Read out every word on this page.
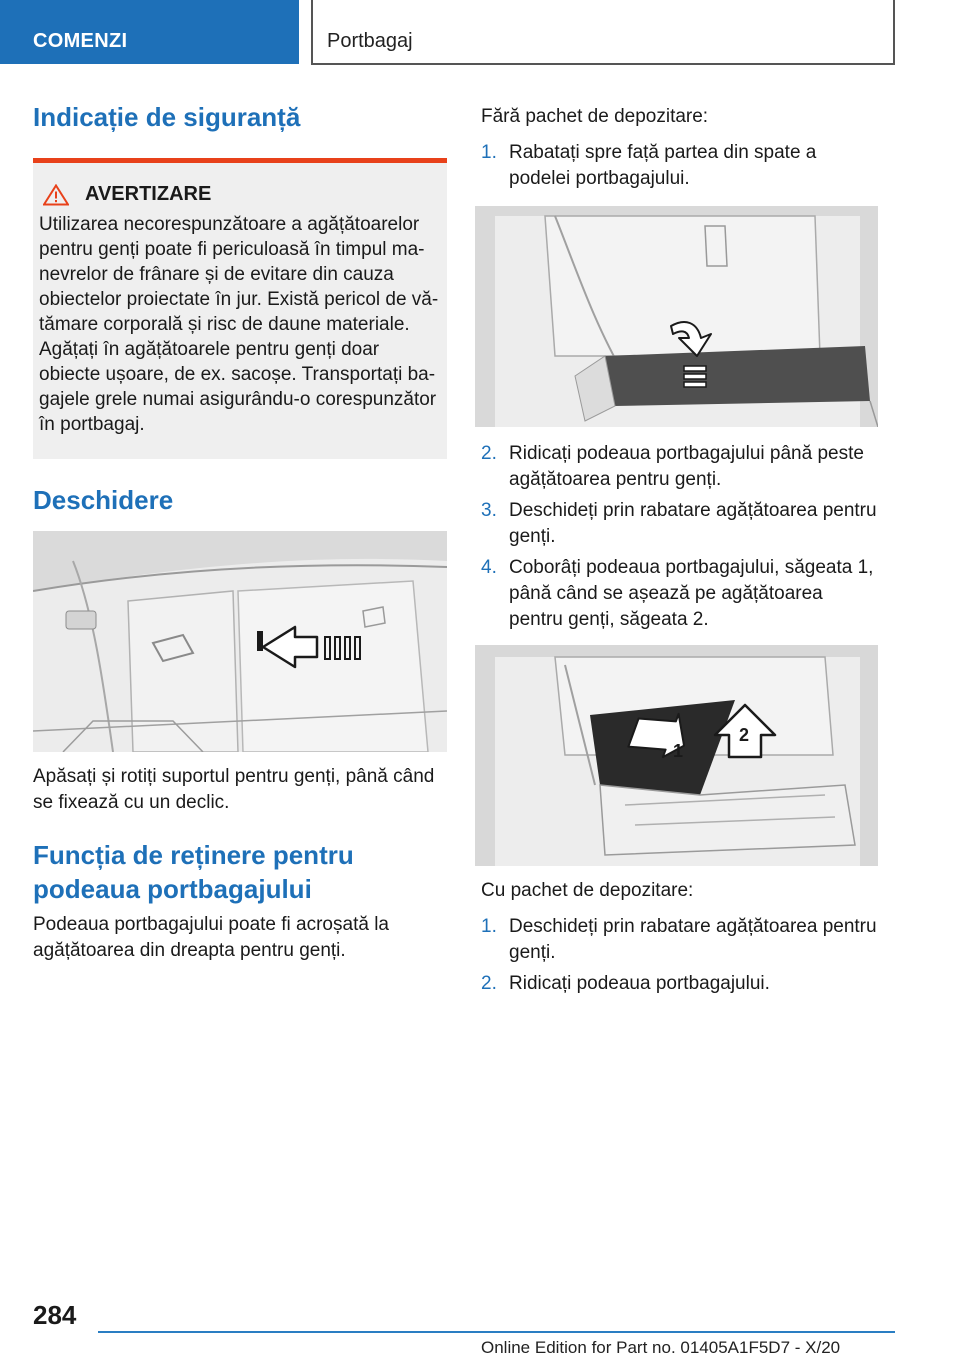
COMENZI	Portbagaj
Indicație de siguranță
AVERTIZARE
Utilizarea necorespunzătoare a agățătoarelor pentru genți poate fi periculoasă în timpul manevrelor de frânare și de evitare din cauza obiectelor proiectate în jur. Există pericol de vătămare corporală și risc de daune materiale. Agățați în agățătoarele pentru genți doar obiecte ușoare, de ex. sacoșe. Transportați bagajele grele numai asigurându-o corespunzător în portbagaj.
Deschidere

Apăsați și rotiți suportul pentru genți, până când se fixează cu un declic.

Funcția de reținere pentru podeaua portbagajului

Podeaua portbagajului poate fi acroșată la agățătoarea din dreapta pentru genți.

Fără pachet de depozitare:

1. Rabatați spre față partea din spate a podelei portbagajului.
2. Ridicați podeaua portbagajului până peste agățătoarea pentru genți.
3. Deschideți prin rabatare agățătoarea pentru genți.
4. Coborâți podeaua portbagajului, săgeata 1, până când se așează pe agățătoarea pentru genți, săgeata 2.
1
2

Cu pachet de depozitare:

1. Deschideți prin rabatare agățătoarea pentru genți.
2. Ridicați podeaua portbagajului.
284
Online Edition for Part no. 01405A1F5D7 - X/20
